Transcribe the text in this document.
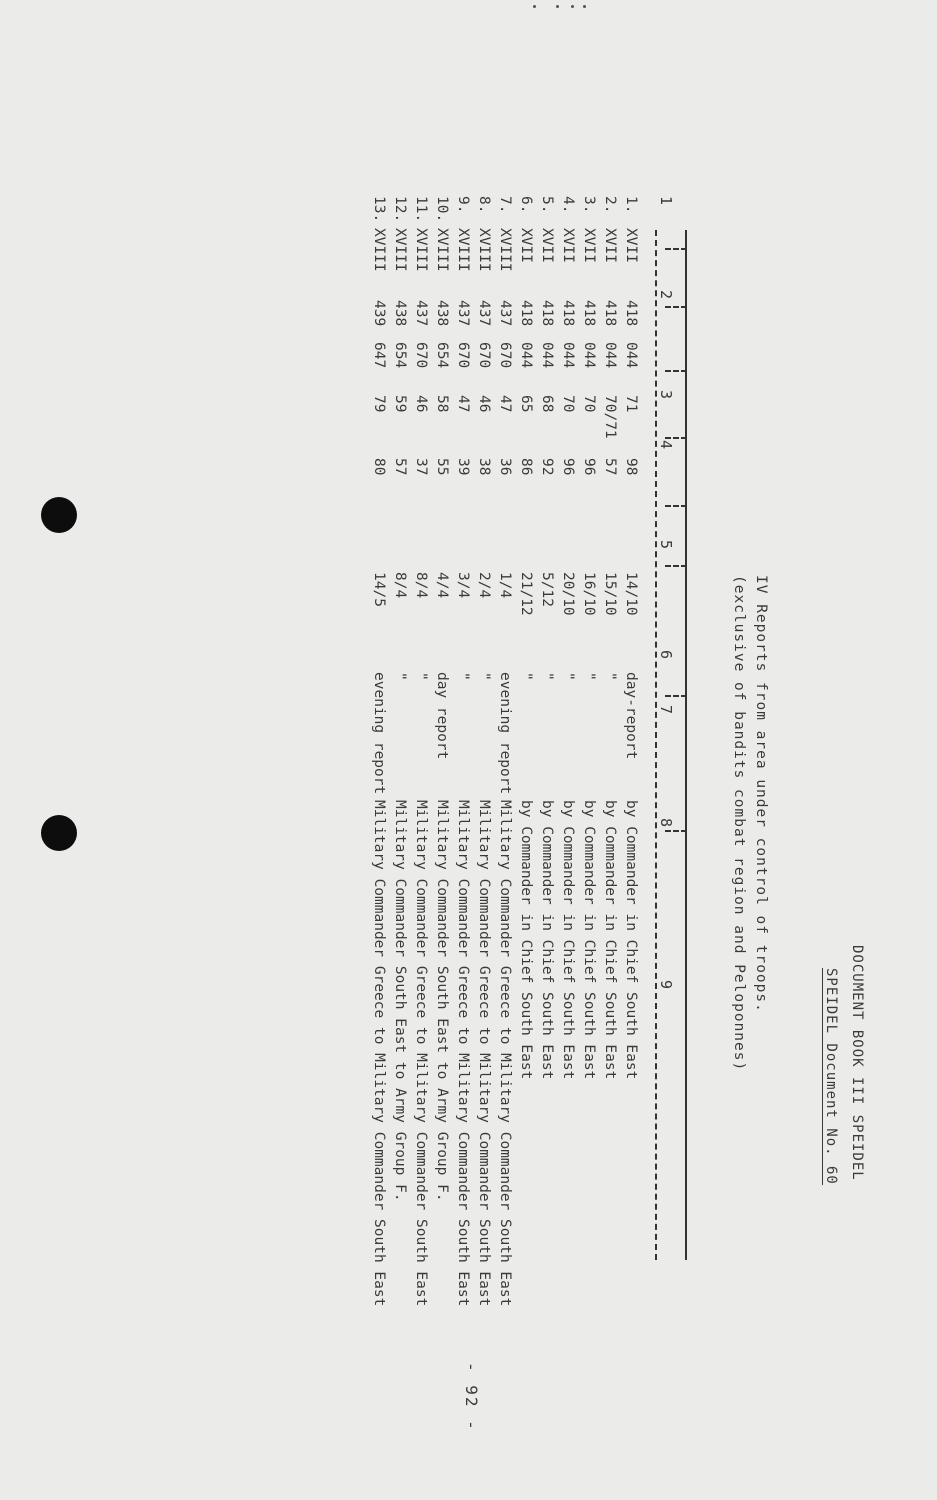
DOCUMENT BOOK III SPEIDEL
SPEIDEL Document No. 60
IV Reports from area under control of troops.
(exclusive of bandits combat region and Peloponnes)
1
2
3
4
5
6
7
8
9
1.
XVII
418
044
71
98
14/10
day-report
by Commander in Chief South East
2.
XVII
418
044
70/71
57
15/10
"
by Commander in Chief South East
3.
XVII
418
044
70
96
16/10
"
by Commander in Chief South East
4.
XVII
418
044
70
96
20/10
"
by Commander in Chief South East
5.
XVII
418
044
68
92
5/12
"
by Commander in Chief South East
6.
XVII
418
044
65
86
21/12
"
by Commander in Chief South East
7.
XVIII
437
670
47
36
1/4
evening report
Military Commander Greece to Military Commander South East
8.
XVIII
437
670
46
38
2/4
"
Military Commander Greece to Military Commander South East
9.
XVIII
437
670
47
39
3/4
"
Military Commander Greece to Military Commander South East
10.
XVIII
438
654
58
55
4/4
day report
Military Commander South East to Army Group F.
11.
XVIII
437
670
46
37
8/4
"
Military Commander Greece to Military Commander South East
12.
XVIII
438
654
59
57
8/4
"
Military Commander South East to Army Group F.
13.
XVIII
439
647
79
80
14/5
evening report
Military Commander Greece to Military Commander South East
- 92 -
